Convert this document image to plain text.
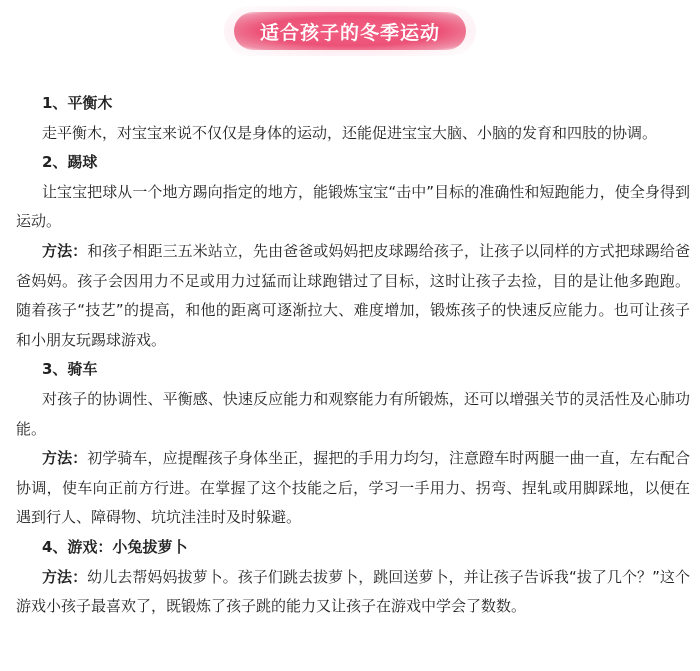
适合孩子的冬季运动
1、平衡木

走平衡木，对宝宝来说不仅仅是身体的运动，还能促进宝宝大脑、小脑的发育和四肢的协调。

2、踢球

让宝宝把球从一个地方踢向指定的地方，能锻炼宝宝“击中”目标的准确性和短跑能力，使全身得到运动。

方法：和孩子相距三五米站立，先由爸爸或妈妈把皮球踢给孩子，让孩子以同样的方式把球踢给爸爸妈妈。孩子会因用力不足或用力过猛而让球跑错过了目标，这时让孩子去捡，目的是让他多跑跑。随着孩子“技艺”的提高，和他的距离可逐渐拉大、难度增加，锻炼孩子的快速反应能力。也可让孩子和小朋友玩踢球游戏。

3、骑车

对孩子的协调性、平衡感、快速反应能力和观察能力有所锻炼，还可以增强关节的灵活性及心肺功能。

方法：初学骑车，应提醒孩子身体坐正，握把的手用力均匀，注意蹬车时两腿一曲一直，左右配合协调，使车向正前方行进。在掌握了这个技能之后，学习一手用力、拐弯、捏轧或用脚踩地，以便在遇到行人、障碍物、坑坑洼洼时及时躲避。

4、游戏：小兔拔萝卜

方法：幼儿去帮妈妈拔萝卜。孩子们跳去拔萝卜，跳回送萝卜，并让孩子告诉我“拔了几个？”这个游戏小孩子最喜欢了，既锻炼了孩子跳的能力又让孩子在游戏中学会了数数。
